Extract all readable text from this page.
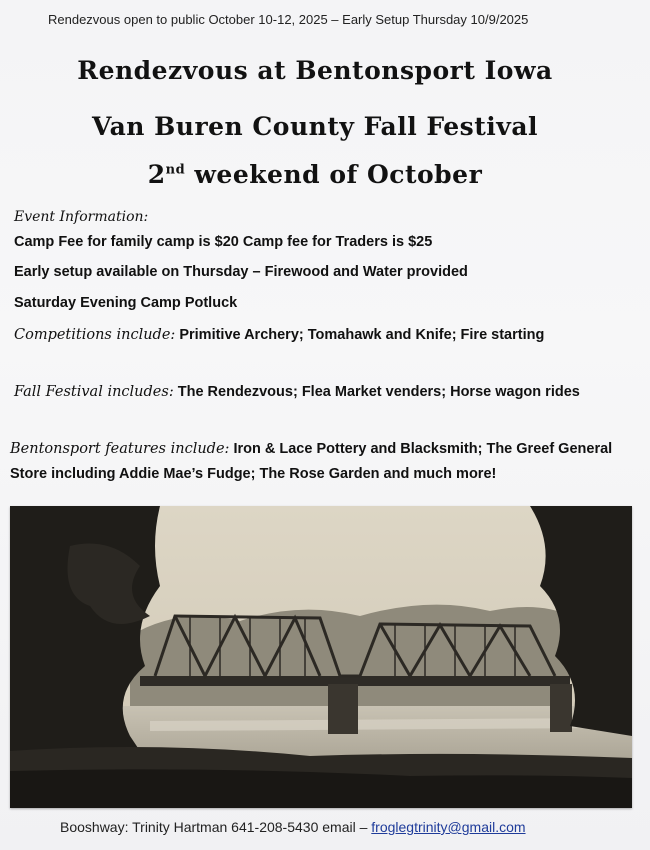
Rendezvous open to public October 10-12, 2025 – Early Setup Thursday 10/9/2025
Rendezvous at Bentonsport Iowa
Van Buren County Fall Festival
2nd weekend of October
Event Information:
Camp Fee for family camp is $20 Camp fee for Traders is $25
Early setup available on Thursday – Firewood and Water provided
Saturday Evening Camp Potluck
Competitions include: Primitive Archery; Tomahawk and Knife; Fire starting
Fall Festival includes: The Rendezvous; Flea Market venders; Horse wagon rides
Bentonsport features include: Iron & Lace Pottery and Blacksmith; The Greef General Store including Addie Mae’s Fudge; The Rose Garden and much more!
Booshway: Trinity Hartman 641-208-5430 email – froglegtrinity@gmail.com
